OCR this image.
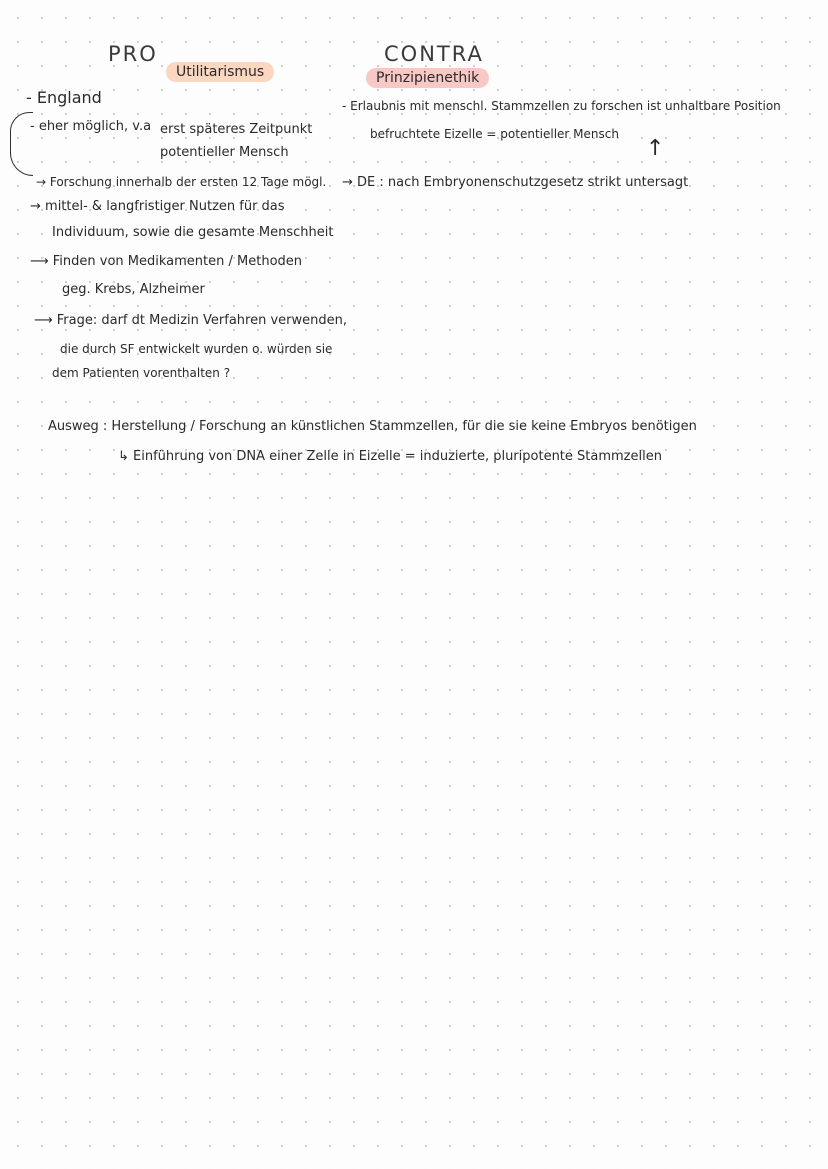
PRO
Utilitarismus
- England
- eher möglich, v.a erst späteres Zeitpunkt
potentieller Mensch
→ Forschung innerhalb der ersten 12 Tage mögl.
→ mittel- & langfristiger Nutzen für das
Individuum, sowie die gesamte Menschheit
⟶ Finden von Medikamenten / Methoden
geg. Krebs, Alzheimer
⟶ Frage: darf dt Medizin Verfahren verwenden,
die durch SF entwickelt wurden o. würden sie
dem Patienten vorenthalten ?
CONTRA
Prinzipienethik
- Erlaubnis mit menschl. Stammzellen zu forschen ist unhaltbare Position
befruchtete Eizelle = potentieller Mensch
↑
→ DE : nach Embryonenschutzgesetz strikt untersagt
Ausweg : Herstellung / Forschung an künstlichen Stammzellen, für die sie keine Embryos benötigen
↳ Einführung von DNA einer Zelle in Eizelle = induzierte, pluripotente Stammzellen
